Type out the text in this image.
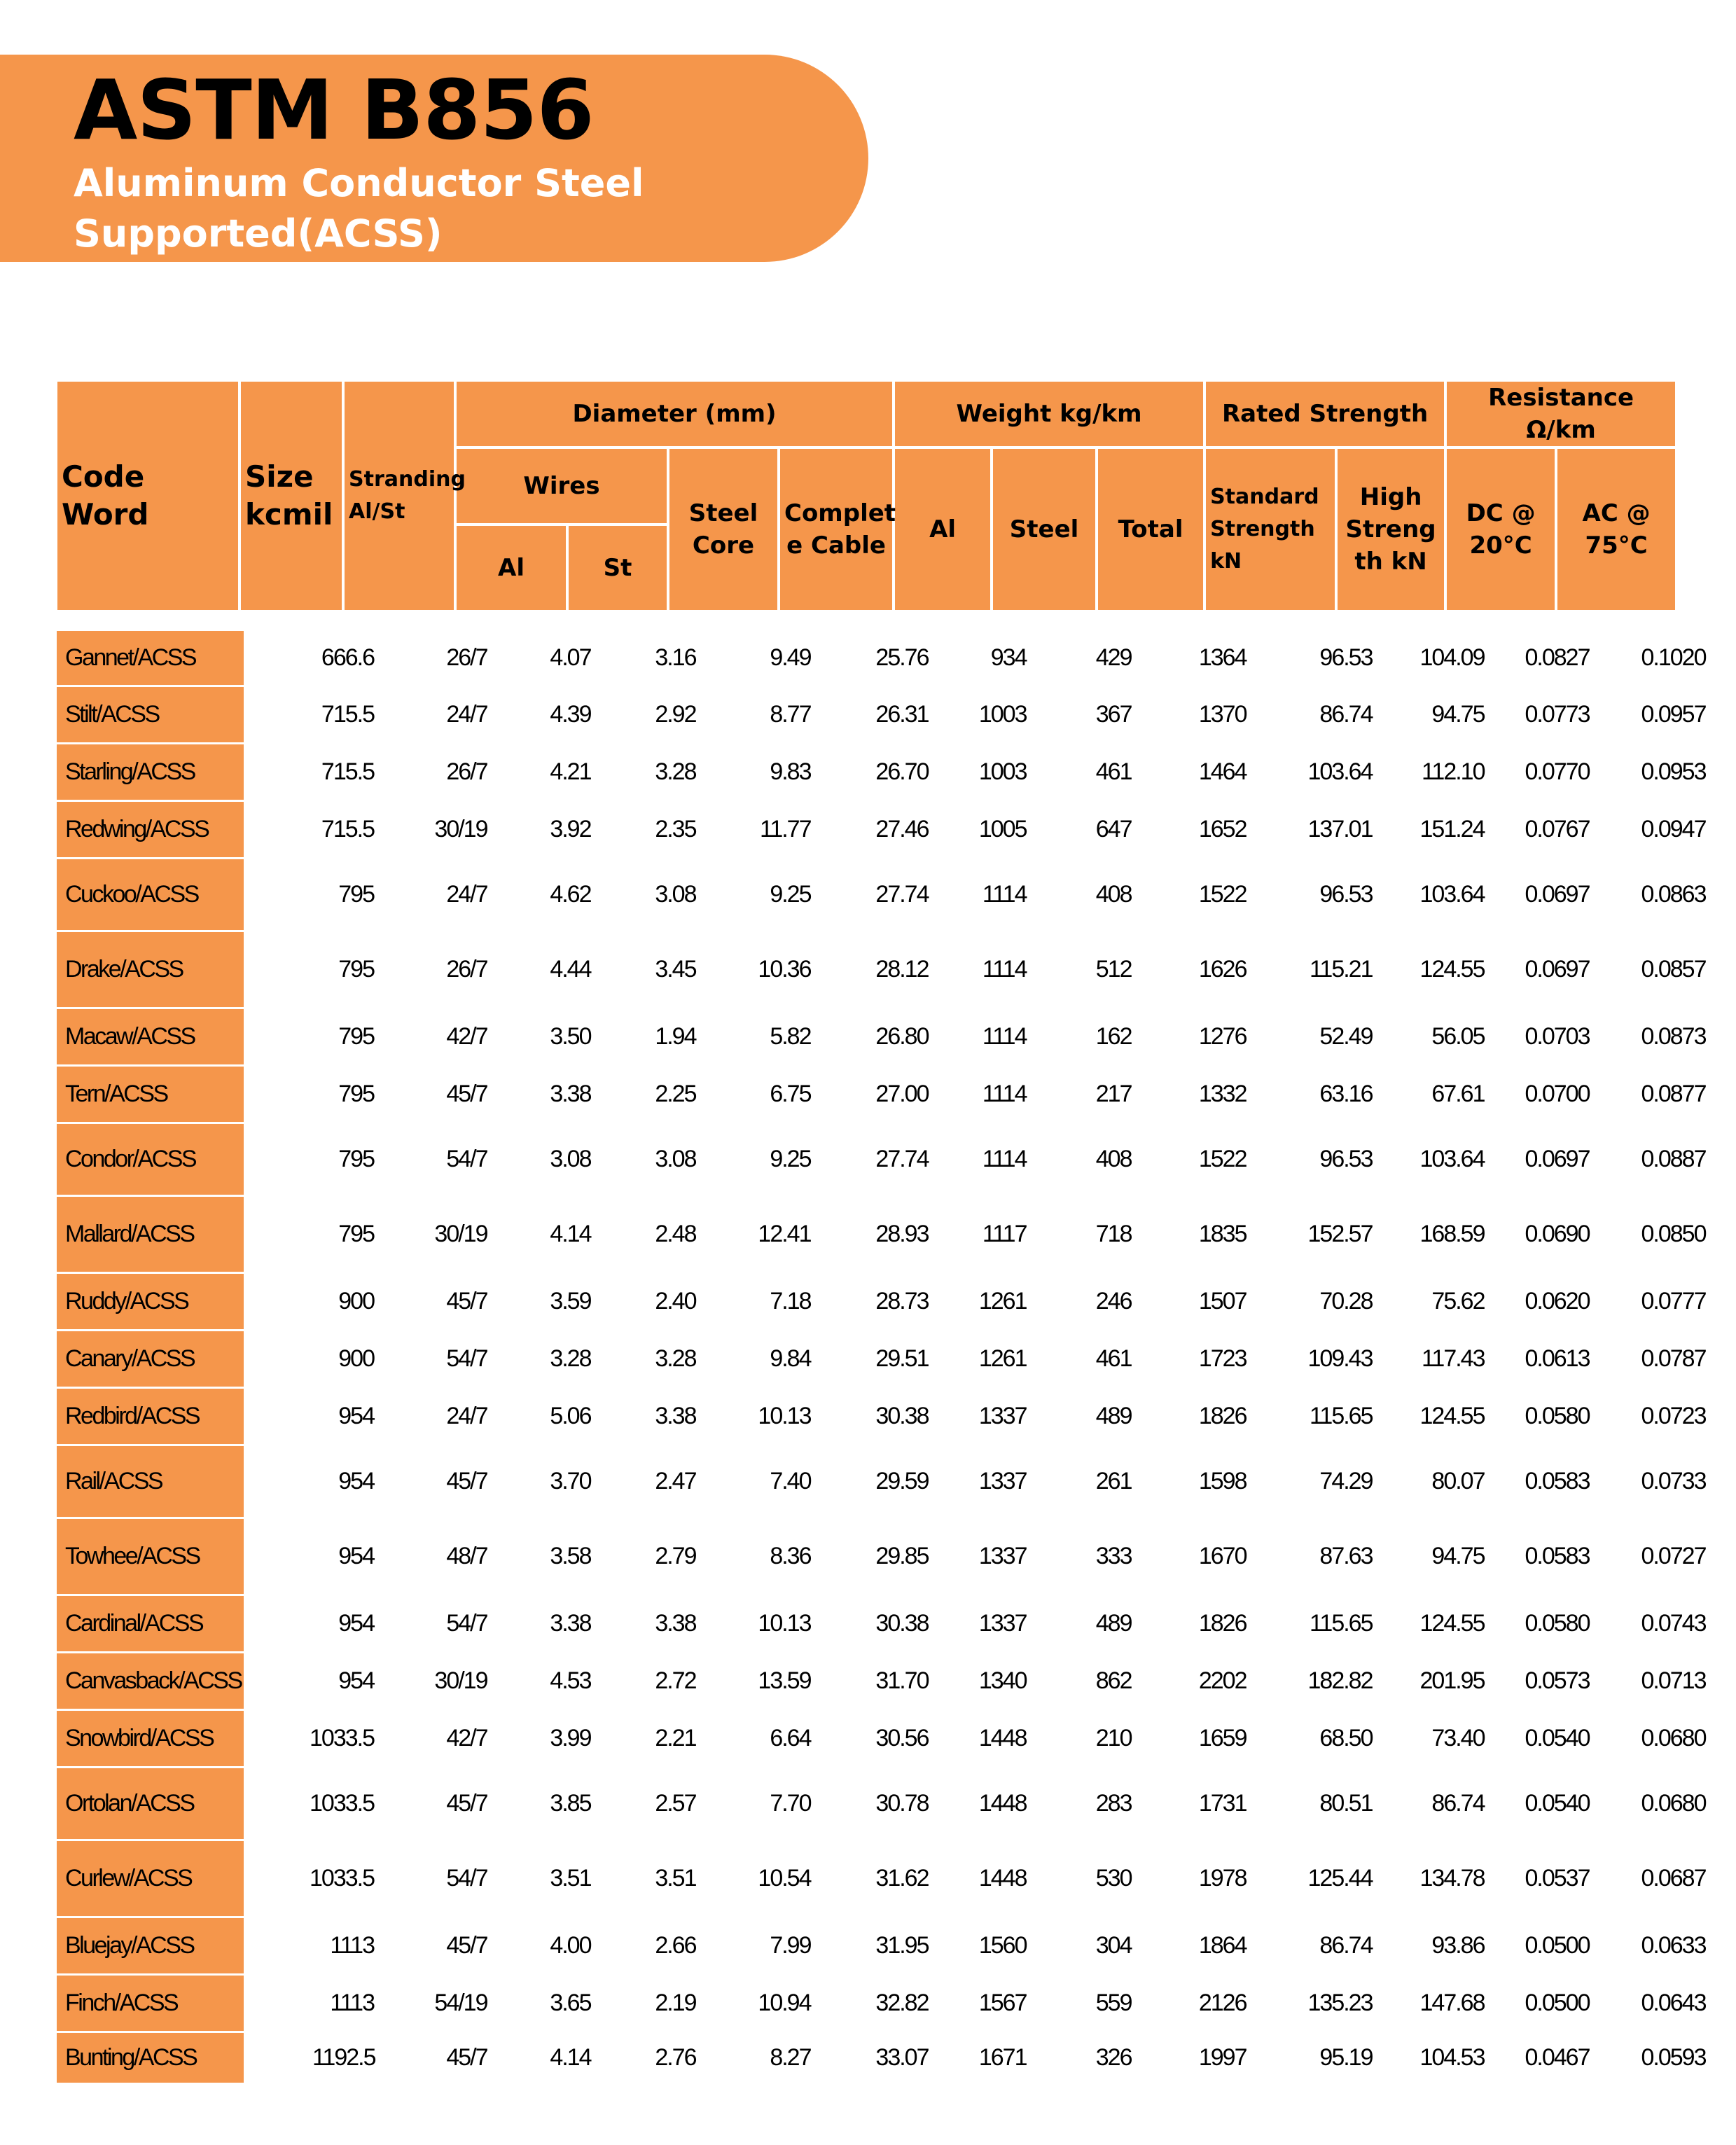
ASTM B856
Aluminum Conductor Steel
Supported(ACSS)
Code Word	Size kcmil	Stranding Al/St	Diameter (mm)				Weight kg/km			Rated Strength		Resistance Ω/km	
			Wires		Steel Core	Complet e Cable	Al	Steel	Total	Standard Strength kN	High Streng th kN	DC @ 20°C	AC @ 75°C
			Al	St									
Gannet/ACSS	666.6	26/7	4.07	3.16	9.49	25.76	934	429	1364	96.53	104.09	0.0827	0.1020
Stilt/ACSS	715.5	24/7	4.39	2.92	8.77	26.31	1003	367	1370	86.74	94.75	0.0773	0.0957
Starling/ACSS	715.5	26/7	4.21	3.28	9.83	26.70	1003	461	1464	103.64	112.10	0.0770	0.0953
Redwing/ACSS	715.5	30/19	3.92	2.35	11.77	27.46	1005	647	1652	137.01	151.24	0.0767	0.0947
Cuckoo/ACSS	795	24/7	4.62	3.08	9.25	27.74	1114	408	1522	96.53	103.64	0.0697	0.0863
Drake/ACSS	795	26/7	4.44	3.45	10.36	28.12	1114	512	1626	115.21	124.55	0.0697	0.0857
Macaw/ACSS	795	42/7	3.50	1.94	5.82	26.80	1114	162	1276	52.49	56.05	0.0703	0.0873
Tern/ACSS	795	45/7	3.38	2.25	6.75	27.00	1114	217	1332	63.16	67.61	0.0700	0.0877
Condor/ACSS	795	54/7	3.08	3.08	9.25	27.74	1114	408	1522	96.53	103.64	0.0697	0.0887
Mallard/ACSS	795	30/19	4.14	2.48	12.41	28.93	1117	718	1835	152.57	168.59	0.0690	0.0850
Ruddy/ACSS	900	45/7	3.59	2.40	7.18	28.73	1261	246	1507	70.28	75.62	0.0620	0.0777
Canary/ACSS	900	54/7	3.28	3.28	9.84	29.51	1261	461	1723	109.43	117.43	0.0613	0.0787
Redbird/ACSS	954	24/7	5.06	3.38	10.13	30.38	1337	489	1826	115.65	124.55	0.0580	0.0723
Rail/ACSS	954	45/7	3.70	2.47	7.40	29.59	1337	261	1598	74.29	80.07	0.0583	0.0733
Towhee/ACSS	954	48/7	3.58	2.79	8.36	29.85	1337	333	1670	87.63	94.75	0.0583	0.0727
Cardinal/ACSS	954	54/7	3.38	3.38	10.13	30.38	1337	489	1826	115.65	124.55	0.0580	0.0743
Canvasback/ACSS	954	30/19	4.53	2.72	13.59	31.70	1340	862	2202	182.82	201.95	0.0573	0.0713
Snowbird/ACSS	1033.5	42/7	3.99	2.21	6.64	30.56	1448	210	1659	68.50	73.40	0.0540	0.0680
Ortolan/ACSS	1033.5	45/7	3.85	2.57	7.70	30.78	1448	283	1731	80.51	86.74	0.0540	0.0680
Curlew/ACSS	1033.5	54/7	3.51	3.51	10.54	31.62	1448	530	1978	125.44	134.78	0.0537	0.0687
Bluejay/ACSS	1113	45/7	4.00	2.66	7.99	31.95	1560	304	1864	86.74	93.86	0.0500	0.0633
Finch/ACSS	1113	54/19	3.65	2.19	10.94	32.82	1567	559	2126	135.23	147.68	0.0500	0.0643
Bunting/ACSS	1192.5	45/7	4.14	2.76	8.27	33.07	1671	326	1997	95.19	104.53	0.0467	0.0593
